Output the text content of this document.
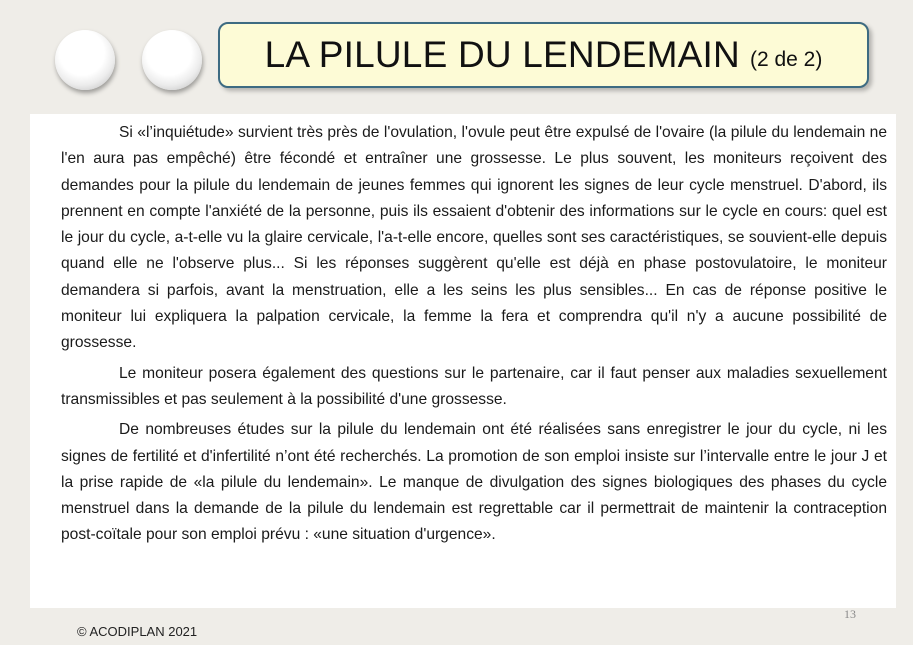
LA PILULE DU LENDEMAIN (2 de 2)

Si «l’inquiétude» survient très près de l'ovulation, l'ovule peut être expulsé de l'ovaire (la pilule du lendemain ne l'en aura pas empêché) être fécondé et entraîner une grossesse. Le plus souvent, les moniteurs reçoivent des demandes pour la pilule du lendemain de jeunes femmes qui ignorent les signes de leur cycle menstruel. D'abord, ils prennent en compte l'anxiété de la personne, puis ils essaient d'obtenir des informations sur le cycle en cours: quel est le jour du cycle, a-t-elle vu la glaire cervicale, l'a-t-elle encore, quelles sont ses caractéristiques, se souvient-elle depuis quand elle ne l'observe plus... Si les réponses suggèrent qu'elle est déjà en phase postovulatoire, le moniteur demandera si parfois, avant la menstruation, elle a les seins les plus sensibles... En cas de réponse positive le moniteur lui expliquera la palpation cervicale, la femme la fera et comprendra qu'il n'y a aucune possibilité de grossesse.

Le moniteur posera également des questions sur le partenaire, car il faut penser aux maladies sexuellement transmissibles et pas seulement à la possibilité d'une grossesse.

De nombreuses études sur la pilule du lendemain ont été réalisées sans enregistrer le jour du cycle, ni les signes de fertilité et d'infertilité n’ont été recherchés. La promotion de son emploi insiste sur l’intervalle entre le jour J et la prise rapide de «la pilule du lendemain». Le manque de divulgation des signes biologiques des phases du cycle menstruel dans la demande de la pilule du lendemain est regrettable car il permettrait de maintenir la contraception post-coïtale pour son emploi prévu : «une situation d'urgence».

13
© ACODIPLAN 2021
